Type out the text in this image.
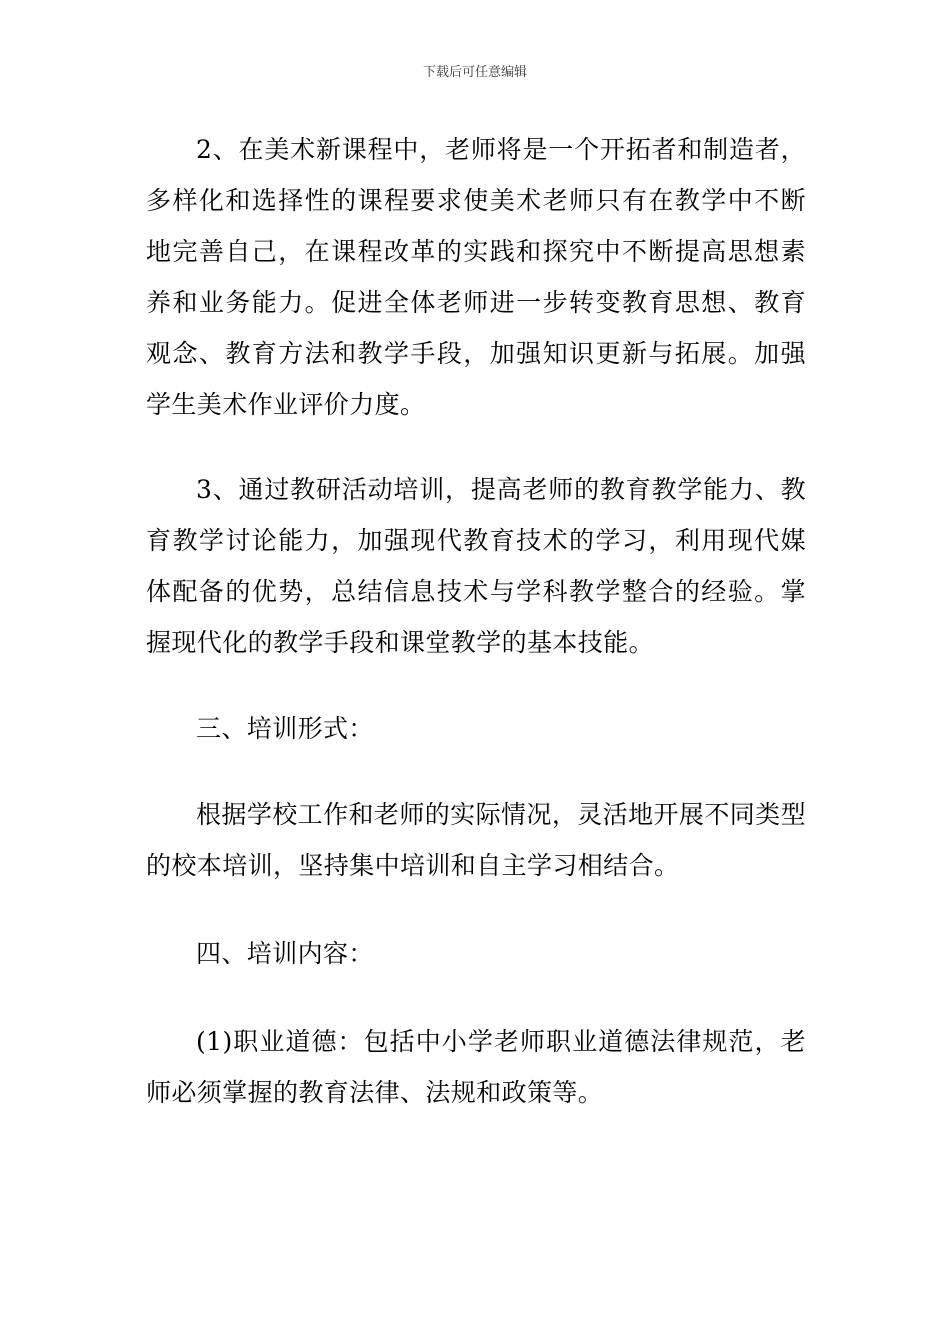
下载后可任意编辑

2、在美术新课程中，老师将是一个开拓者和制造者，多样化和选择性的课程要求使美术老师只有在教学中不断地完善自己，在课程改革的实践和探究中不断提高思想素养和业务能力。促进全体老师进一步转变教育思想、教育观念、教育方法和教学手段，加强知识更新与拓展。加强学生美术作业评价力度。

3、通过教研活动培训，提高老师的教育教学能力、教育教学讨论能力，加强现代教育技术的学习，利用现代媒体配备的优势，总结信息技术与学科教学整合的经验。掌握现代化的教学手段和课堂教学的基本技能。

三、培训形式：

根据学校工作和老师的实际情况，灵活地开展不同类型的校本培训，坚持集中培训和自主学习相结合。

四、培训内容：

(1)职业道德：包括中小学老师职业道德法律规范，老师必须掌握的教育法律、法规和政策等。
